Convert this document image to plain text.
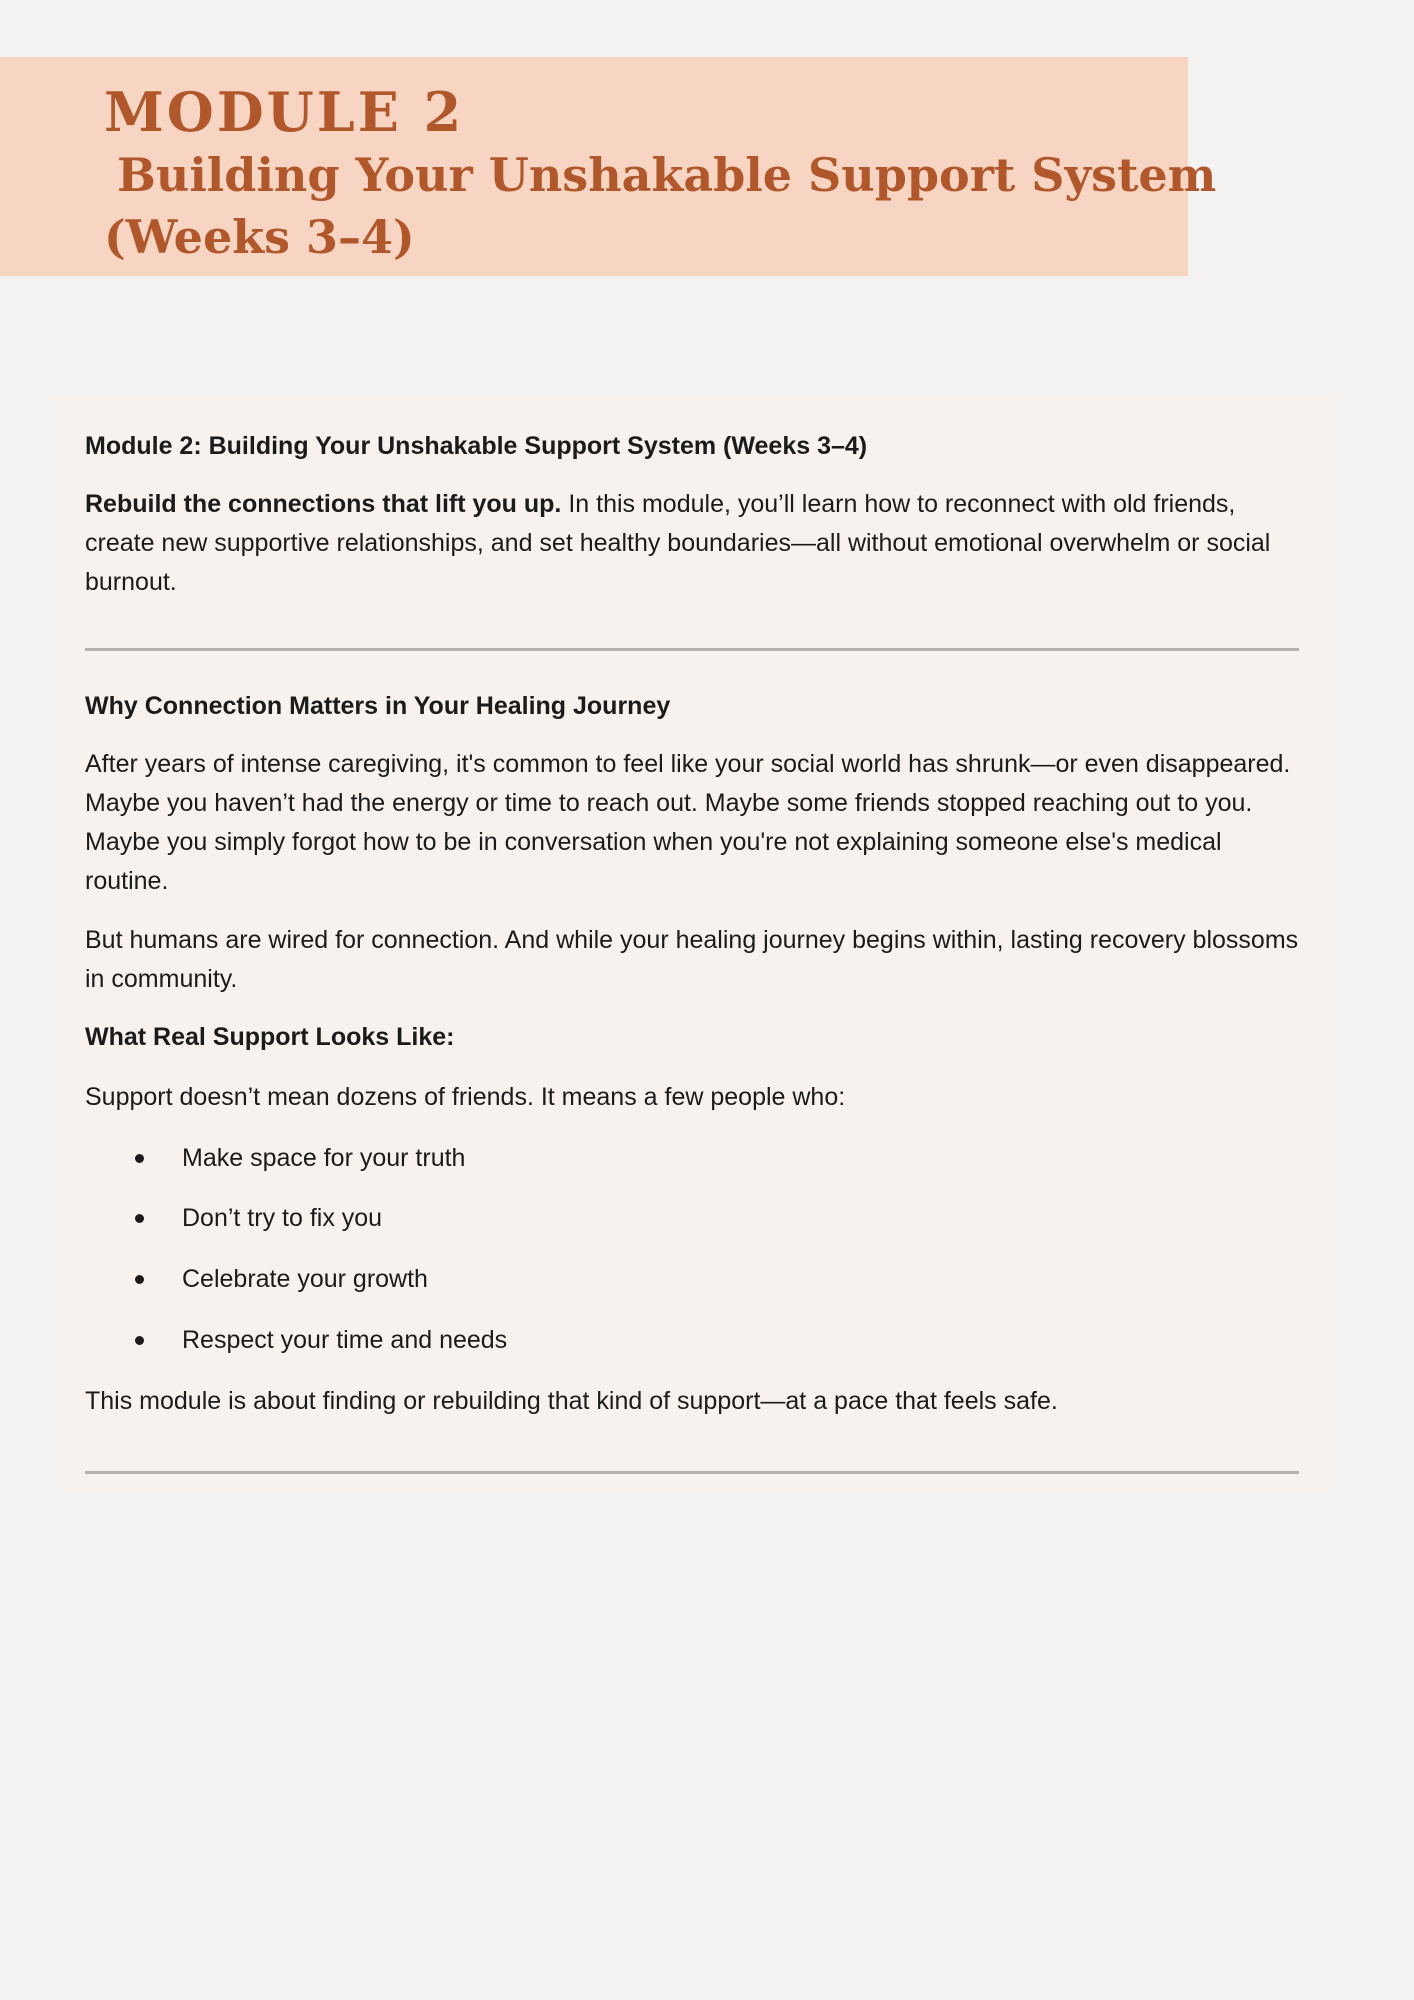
MODULE 2
Building Your Unshakable Support System
(Weeks 3–4)

Module 2: Building Your Unshakable Support System (Weeks 3–4)

Rebuild the connections that lift you up. In this module, you’ll learn how to reconnect with old friends, create new supportive relationships, and set healthy boundaries—all without emotional overwhelm or social burnout.

Why Connection Matters in Your Healing Journey

After years of intense caregiving, it's common to feel like your social world has shrunk—or even disappeared. Maybe you haven’t had the energy or time to reach out. Maybe some friends stopped reaching out to you. Maybe you simply forgot how to be in conversation when you're not explaining someone else's medical routine.

But humans are wired for connection. And while your healing journey begins within, lasting recovery blossoms in community.

What Real Support Looks Like:

Support doesn’t mean dozens of friends. It means a few people who:

Make space for your truth
Don’t try to fix you
Celebrate your growth
Respect your time and needs

This module is about finding or rebuilding that kind of support—at a pace that feels safe.
